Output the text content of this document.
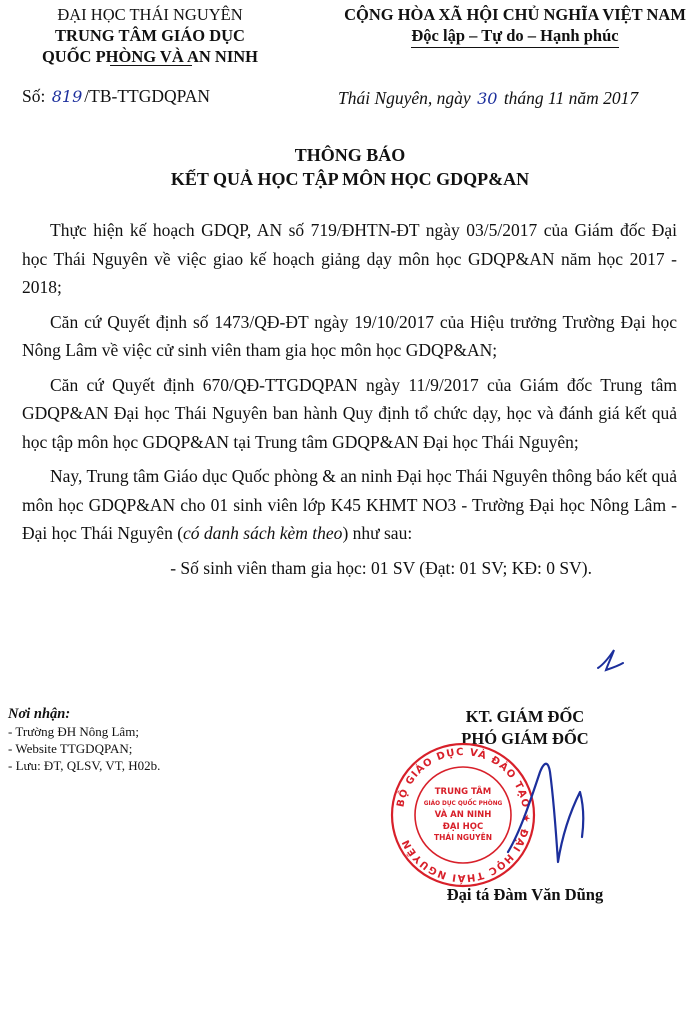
ĐẠI HỌC THÁI NGUYÊN
TRUNG TÂM GIÁO DỤC
QUỐC PHÒNG VÀ AN NINH
CỘNG HÒA XÃ HỘI CHỦ NGHĨA VIỆT NAM
Độc lập – Tự do – Hạnh phúc
Số: 819 /TB-TTGDQPAN	Thái Nguyên, ngày 30 tháng 11 năm 2017
THÔNG BÁO
KẾT QUẢ HỌC TẬP MÔN HỌC GDQP&AN

Thực hiện kế hoạch GDQP, AN số 719/ĐHTN-ĐT ngày 03/5/2017 của Giám đốc Đại học Thái Nguyên về việc giao kế hoạch giảng dạy môn học GDQP&AN năm học 2017 - 2018;

Căn cứ Quyết định số 1473/QĐ-ĐT ngày 19/10/2017 của Hiệu trưởng Trường Đại học Nông Lâm về việc cử sinh viên tham gia học môn học GDQP&AN;

Căn cứ Quyết định 670/QĐ-TTGDQPAN ngày 11/9/2017 của Giám đốc Trung tâm GDQP&AN Đại học Thái Nguyên ban hành Quy định tổ chức dạy, học và đánh giá kết quả học tập môn học GDQP&AN tại Trung tâm GDQP&AN Đại học Thái Nguyên;

Nay, Trung tâm Giáo dục Quốc phòng & an ninh Đại học Thái Nguyên thông báo kết quả môn học GDQP&AN cho 01 sinh viên lớp K45 KHMT NO3 - Trường Đại học Nông Lâm - Đại học Thái Nguyên (có danh sách kèm theo) như sau:

- Số sinh viên tham gia học: 01 SV (Đạt: 01 SV; KĐ: 0 SV).

Nơi nhận:
- Trường ĐH Nông Lâm;
- Website TTGDQPAN;
- Lưu: ĐT, QLSV, VT, H02b.
KT. GIÁM ĐỐC
PHÓ GIÁM ĐỐC
BỘ GIÁO DỤC VÀ ĐÀO TẠO ★ ĐẠI HỌC THÁI NGUYÊN
TRUNG TÂM
GIÁO DỤC QUỐC PHÒNG
VÀ AN NINH
ĐẠI HỌC
THÁI NGUYÊN
Đại tá Đàm Văn Dũng
